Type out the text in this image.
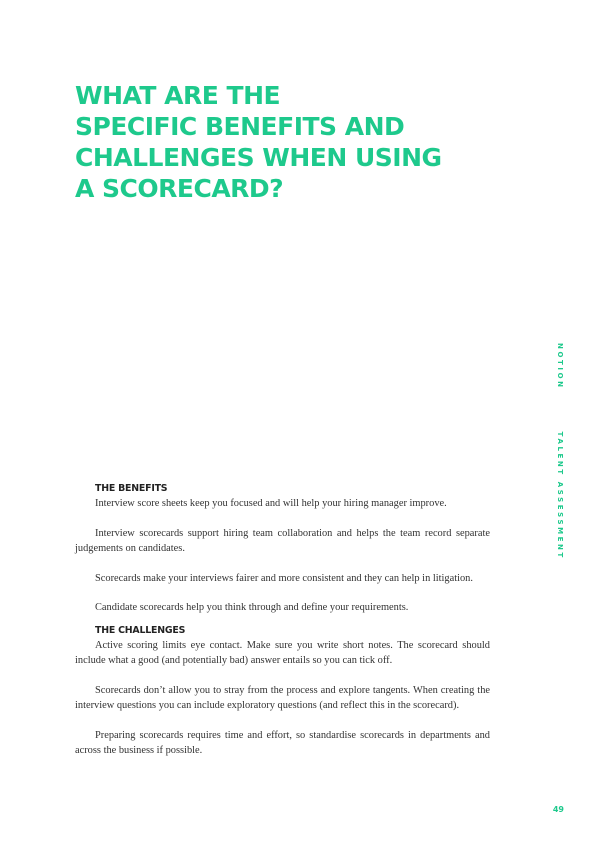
WHAT ARE THE
SPECIFIC BENEFITS AND
CHALLENGES WHEN USING
A SCORECARD?
THE BENEFITS

Interview score sheets keep you focused and will help your hiring manager improve.

Interview scorecards support hiring team collaboration and helps the team record separate judgements on candidates.

Scorecards make your interviews fairer and more consistent and they can help in litigation.

Candidate scorecards help you think through and define your requirements.

THE CHALLENGES

Active scoring limits eye contact. Make sure you write short notes. The scorecard should include what a good (and potentially bad) answer entails so you can tick off.

Scorecards don’t allow you to stray from the process and explore tangents. When creating the interview questions you can include exploratory questions (and reflect this in the scorecard).

Preparing scorecards requires time and effort, so standardise scorecards in departments and across the business if possible.

NOTIONTALENT ASSESSMENT
49
